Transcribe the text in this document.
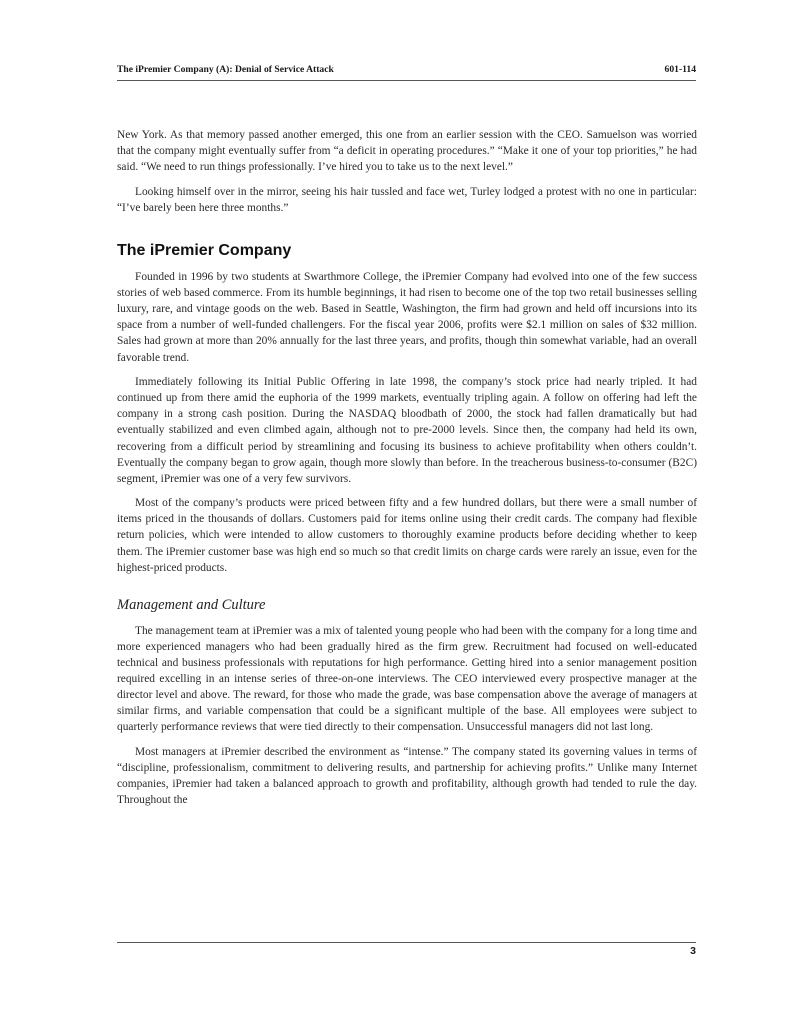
The iPremier Company (A): Denial of Service Attack	601-114

New York. As that memory passed another emerged, this one from an earlier session with the CEO. Samuelson was worried that the company might eventually suffer from “a deficit in operating procedures.” “Make it one of your top priorities,” he had said. “We need to run things professionally. I’ve hired you to take us to the next level.”

Looking himself over in the mirror, seeing his hair tussled and face wet, Turley lodged a protest with no one in particular: “I’ve barely been here three months.”

The iPremier Company

Founded in 1996 by two students at Swarthmore College, the iPremier Company had evolved into one of the few success stories of web based commerce. From its humble beginnings, it had risen to become one of the top two retail businesses selling luxury, rare, and vintage goods on the web. Based in Seattle, Washington, the firm had grown and held off incursions into its space from a number of well-funded challengers. For the fiscal year 2006, profits were $2.1 million on sales of $32 million. Sales had grown at more than 20% annually for the last three years, and profits, though thin somewhat variable, had an overall favorable trend.

Immediately following its Initial Public Offering in late 1998, the company’s stock price had nearly tripled. It had continued up from there amid the euphoria of the 1999 markets, eventually tripling again. A follow on offering had left the company in a strong cash position. During the NASDAQ bloodbath of 2000, the stock had fallen dramatically but had eventually stabilized and even climbed again, although not to pre-2000 levels. Since then, the company had held its own, recovering from a difficult period by streamlining and focusing its business to achieve profitability when others couldn’t. Eventually the company began to grow again, though more slowly than before. In the treacherous business-to-consumer (B2C) segment, iPremier was one of a very few survivors.

Most of the company’s products were priced between fifty and a few hundred dollars, but there were a small number of items priced in the thousands of dollars. Customers paid for items online using their credit cards. The company had flexible return policies, which were intended to allow customers to thoroughly examine products before deciding whether to keep them. The iPremier customer base was high end so much so that credit limits on charge cards were rarely an issue, even for the highest-priced products.

Management and Culture

The management team at iPremier was a mix of talented young people who had been with the company for a long time and more experienced managers who had been gradually hired as the firm grew. Recruitment had focused on well-educated technical and business professionals with reputations for high performance. Getting hired into a senior management position required excelling in an intense series of three-on-one interviews. The CEO interviewed every prospective manager at the director level and above. The reward, for those who made the grade, was base compensation above the average of managers at similar firms, and variable compensation that could be a significant multiple of the base. All employees were subject to quarterly performance reviews that were tied directly to their compensation. Unsuccessful managers did not last long.

Most managers at iPremier described the environment as “intense.” The company stated its governing values in terms of “discipline, professionalism, commitment to delivering results, and partnership for achieving profits.” Unlike many Internet companies, iPremier had taken a balanced approach to growth and profitability, although growth had tended to rule the day. Throughout the

3
